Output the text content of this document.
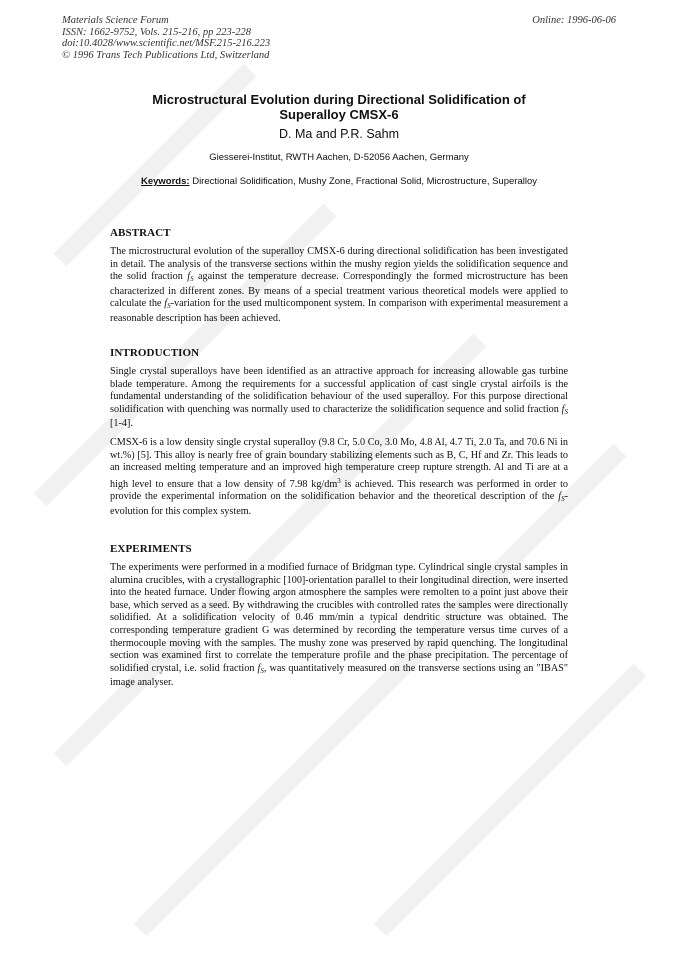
Materials Science Forum
ISSN: 1662-9752, Vols. 215-216, pp 223-228
doi:10.4028/www.scientific.net/MSF.215-216.223
© 1996 Trans Tech Publications Ltd, Switzerland
Online: 1996-06-06
Microstructural Evolution during Directional Solidification of
Superalloy CMSX-6
D. Ma and P.R. Sahm
Giesserei-Institut, RWTH Aachen, D-52056 Aachen, Germany
Keywords: Directional Solidification, Mushy Zone, Fractional Solid, Microstructure, Superalloy
ABSTRACT

The microstructural evolution of the superalloy CMSX-6 during directional solidification has been investigated in detail. The analysis of the transverse sections within the mushy region yields the solidification sequence and the solid fraction $f_S$ against the temperature decrease. Correspondingly the formed microstructure has been characterized in different zones. By means of a special treatment various theoretical models were applied to calculate the $f_S$-variation for the used multicomponent system. In comparison with experimental measurement a reasonable description has been achieved.

INTRODUCTION

Single crystal superalloys have been identified as an attractive approach for increasing allowable gas turbine blade temperature. Among the requirements for a successful application of cast single crystal airfoils is the fundamental understanding of the solidification behaviour of the used superalloy. For this purpose directional solidification with quenching was normally used to characterize the solidification sequence and solid fraction $f_S$ [1-4].

CMSX-6 is a low density single crystal superalloy (9.8 Cr, 5.0 Co, 3.0 Mo, 4.8 Al, 4.7 Ti, 2.0 Ta, and 70.6 Ni in wt.%) [5]. This alloy is nearly free of grain boundary stabilizing elements such as B, C, Hf and Zr. This leads to an increased melting temperature and an improved high temperature creep rupture strength. Al and Ti are at a high level to ensure that a low density of 7.98 $kg/dm^3$ is achieved. This research was performed in order to provide the experimental information on the solidification behavior and the theoretical description of the $f_S$-evolution for this complex system.

EXPERIMENTS

The experiments were performed in a modified furnace of Bridgman type. Cylindrical single crystal samples in alumina crucibles, with a crystallographic [100]-orientation parallel to their longitudinal direction, were inserted into the heated furnace. Under flowing argon atmosphere the samples were remolten to a point just above their base, which served as a seed. By withdrawing the crucibles with controlled rates the samples were directionally solidified. At a solidification velocity of 0.46 mm/min a typical dendritic structure was obtained. The corresponding temperature gradient G was determined by recording the temperature versus time curves of a thermocouple moving with the samples. The mushy zone was preserved by rapid quenching. The longitudinal section was examined first to correlate the temperature profile and the phase precipitation. The percentage of solidified crystal, i.e. solid fraction $f_S$, was quantitatively measured on the transverse sections using an "IBAS" image analyser.
